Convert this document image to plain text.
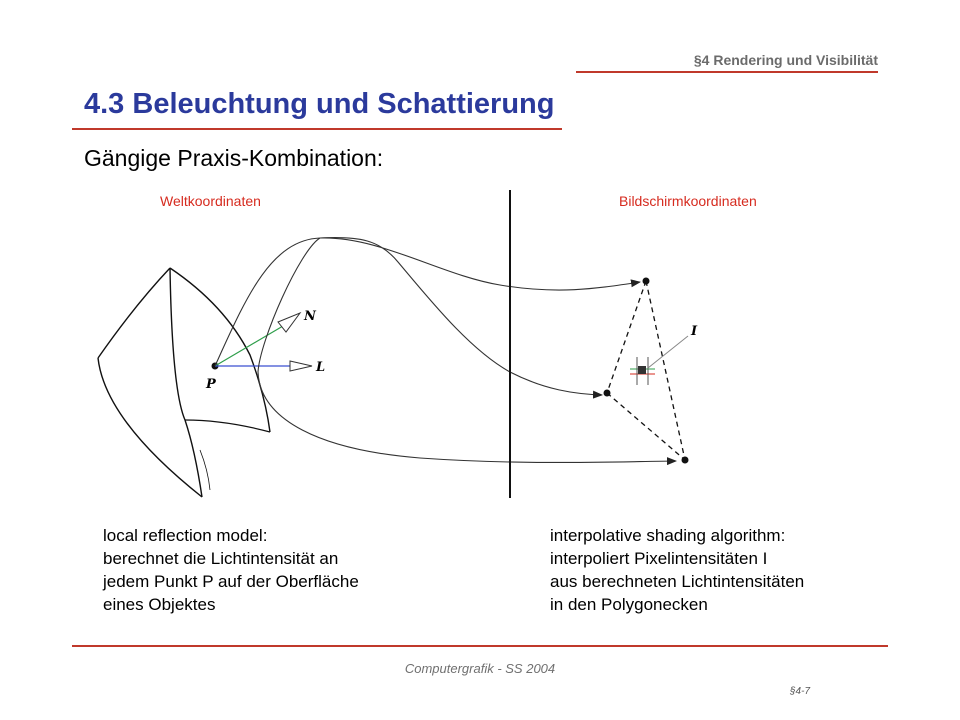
§4 Rendering und Visibilität
4.3 Beleuchtung und Schattierung
Gängige Praxis-Kombination:
Weltkoordinaten	Bildschirmkoordinaten
P
N
L
I
local reflection model:
berechnet die Lichtintensität an
jedem Punkt P auf der Oberfläche
eines Objektes
interpolative shading algorithm:
interpoliert Pixelintensitäten I
aus berechneten Lichtintensitäten
in den Polygonecken
Computergrafik - SS 2004
§4-7
